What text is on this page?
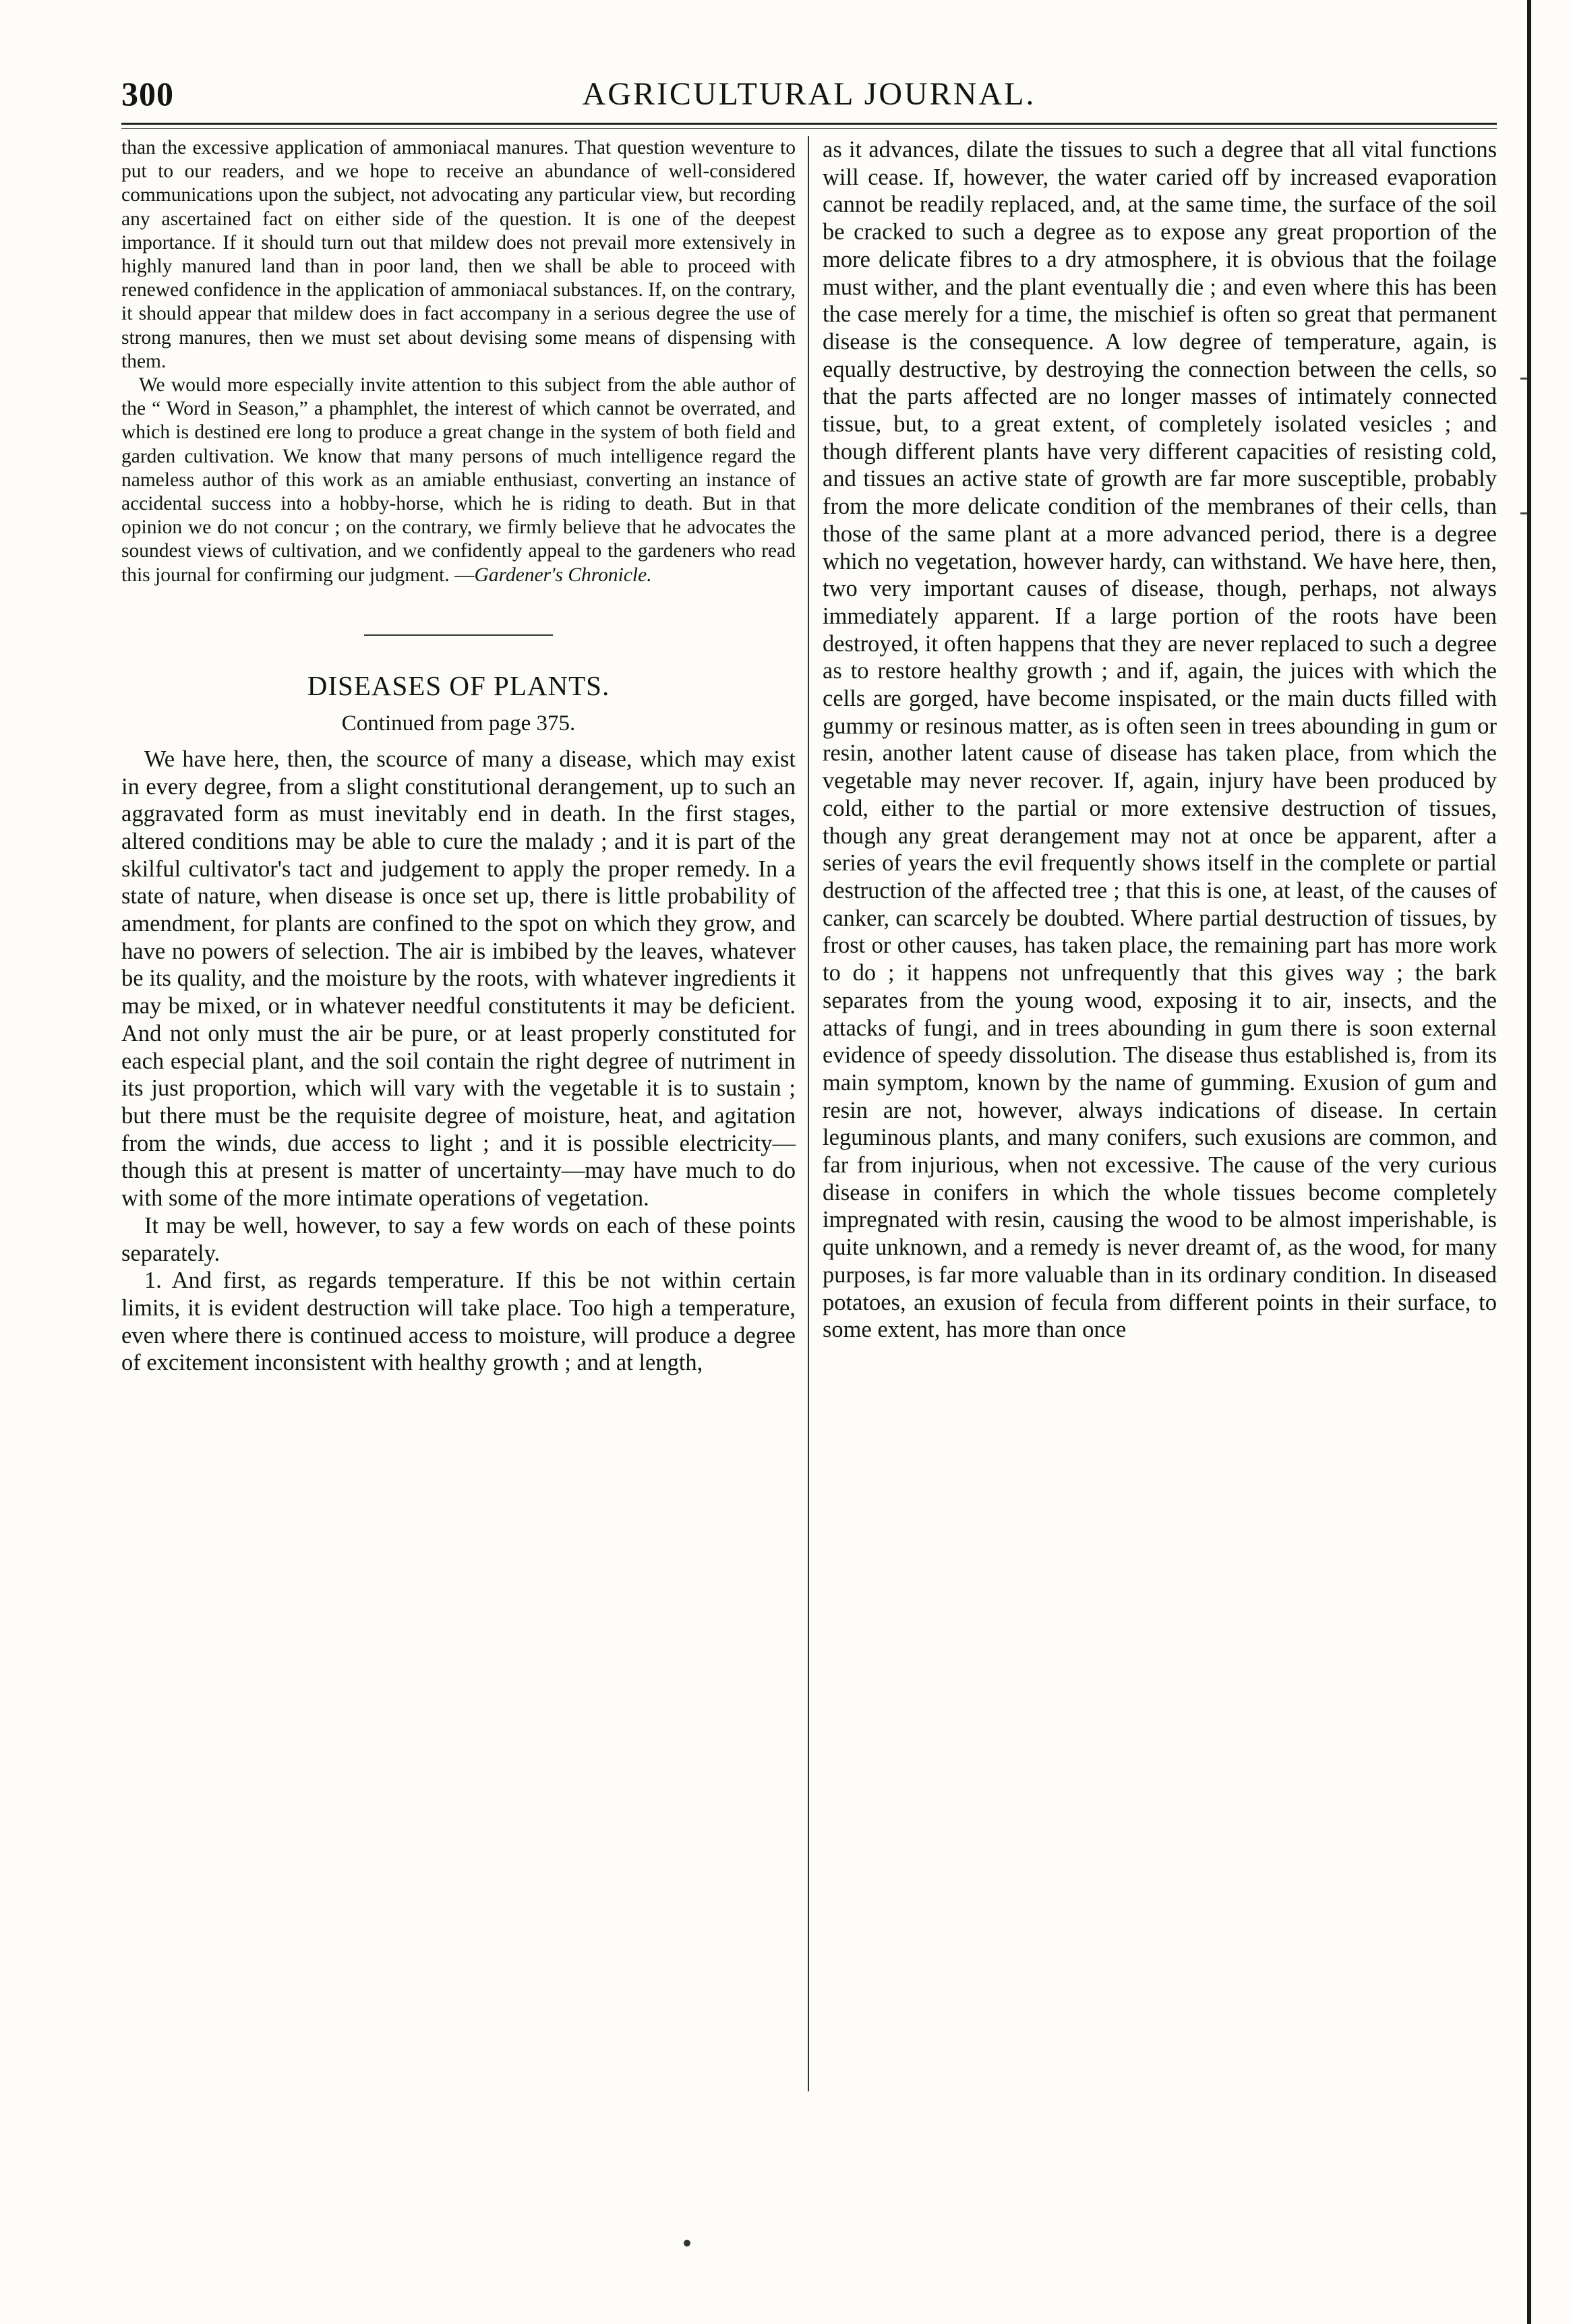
300	AGRICULTURAL JOURNAL.

than the excessive application of ammoniacal manures. That question weventure to put to our readers, and we hope to receive an abundance of well-considered communications upon the subject, not advocating any particular view, but recording any ascertained fact on either side of the question. It is one of the deepest importance. If it should turn out that mildew does not prevail more extensively in highly manured land than in poor land, then we shall be able to proceed with renewed confidence in the application of ammoniacal substances. If, on the contrary, it should appear that mildew does in fact accompany in a serious degree the use of strong manures, then we must set about devising some means of dispensing with them.

We would more especially invite attention to this subject from the able author of the “ Word in Season,” a phamphlet, the interest of which cannot be overrated, and which is destined ere long to produce a great change in the system of both field and garden cultivation. We know that many persons of much intelligence regard the nameless author of this work as an amiable enthusiast, converting an instance of accidental success into a hobby-horse, which he is riding to death. But in that opinion we do not concur ; on the contrary, we firmly believe that he advocates the soundest views of cultivation, and we confidently appeal to the gardeners who read this journal for confirming our judgment. —Gardener's Chronicle.

DISEASES OF PLANTS.
Continued from page 375.

We have here, then, the scource of many a disease, which may exist in every degree, from a slight constitutional derangement, up to such an aggravated form as must inevitably end in death. In the first stages, altered conditions may be able to cure the malady ; and it is part of the skilful cultivator's tact and judgement to apply the proper remedy. In a state of nature, when disease is once set up, there is little probability of amendment, for plants are confined to the spot on which they grow, and have no powers of selection. The air is imbibed by the leaves, whatever be its quality, and the moisture by the roots, with whatever ingredients it may be mixed, or in whatever needful constitutents it may be deficient. And not only must the air be pure, or at least properly constituted for each especial plant, and the soil contain the right degree of nutriment in its just proportion, which will vary with the vegetable it is to sustain ; but there must be the requisite degree of moisture, heat, and agitation from the winds, due access to light ; and it is possible electricity—though this at present is matter of uncertainty—may have much to do with some of the more intimate operations of vegetation.

It may be well, however, to say a few words on each of these points separately.

1. And first, as regards temperature. If this be not within certain limits, it is evident destruction will take place. Too high a temperature, even where there is continued access to moisture, will produce a degree of excitement inconsistent with healthy growth ; and at length,

as it advances, dilate the tissues to such a degree that all vital functions will cease. If, however, the water caried off by increased evaporation cannot be readily replaced, and, at the same time, the surface of the soil be cracked to such a degree as to expose any great proportion of the more delicate fibres to a dry atmosphere, it is obvious that the foilage must wither, and the plant eventually die ; and even where this has been the case merely for a time, the mischief is often so great that permanent disease is the consequence. A low degree of temperature, again, is equally destructive, by destroying the connection between the cells, so that the parts affected are no longer masses of intimately connected tissue, but, to a great extent, of completely isolated vesicles ; and though different plants have very different capacities of resisting cold, and tissues an active state of growth are far more susceptible, probably from the more delicate condition of the membranes of their cells, than those of the same plant at a more advanced period, there is a degree which no vegetation, however hardy, can withstand. We have here, then, two very important causes of disease, though, perhaps, not always immediately apparent. If a large portion of the roots have been destroyed, it often happens that they are never replaced to such a degree as to restore healthy growth ; and if, again, the juices with which the cells are gorged, have become inspisated, or the main ducts filled with gummy or resinous matter, as is often seen in trees abounding in gum or resin, another latent cause of disease has taken place, from which the vegetable may never recover. If, again, injury have been produced by cold, either to the partial or more extensive destruction of tissues, though any great derangement may not at once be apparent, after a series of years the evil frequently shows itself in the complete or partial destruction of the affected tree ; that this is one, at least, of the causes of canker, can scarcely be doubted. Where partial destruction of tissues, by frost or other causes, has taken place, the remaining part has more work to do ; it happens not unfrequently that this gives way ; the bark separates from the young wood, exposing it to air, insects, and the attacks of fungi, and in trees abounding in gum there is soon external evidence of speedy dissolution. The disease thus established is, from its main symptom, known by the name of gumming. Exusion of gum and resin are not, however, always indications of disease. In certain leguminous plants, and many conifers, such exusions are common, and far from injurious, when not excessive. The cause of the very curious disease in conifers in which the whole tissues become completely impregnated with resin, causing the wood to be almost imperishable, is quite unknown, and a remedy is never dreamt of, as the wood, for many purposes, is far more valuable than in its ordinary condition. In diseased potatoes, an exusion of fecula from different points in their surface, to some extent, has more than once
